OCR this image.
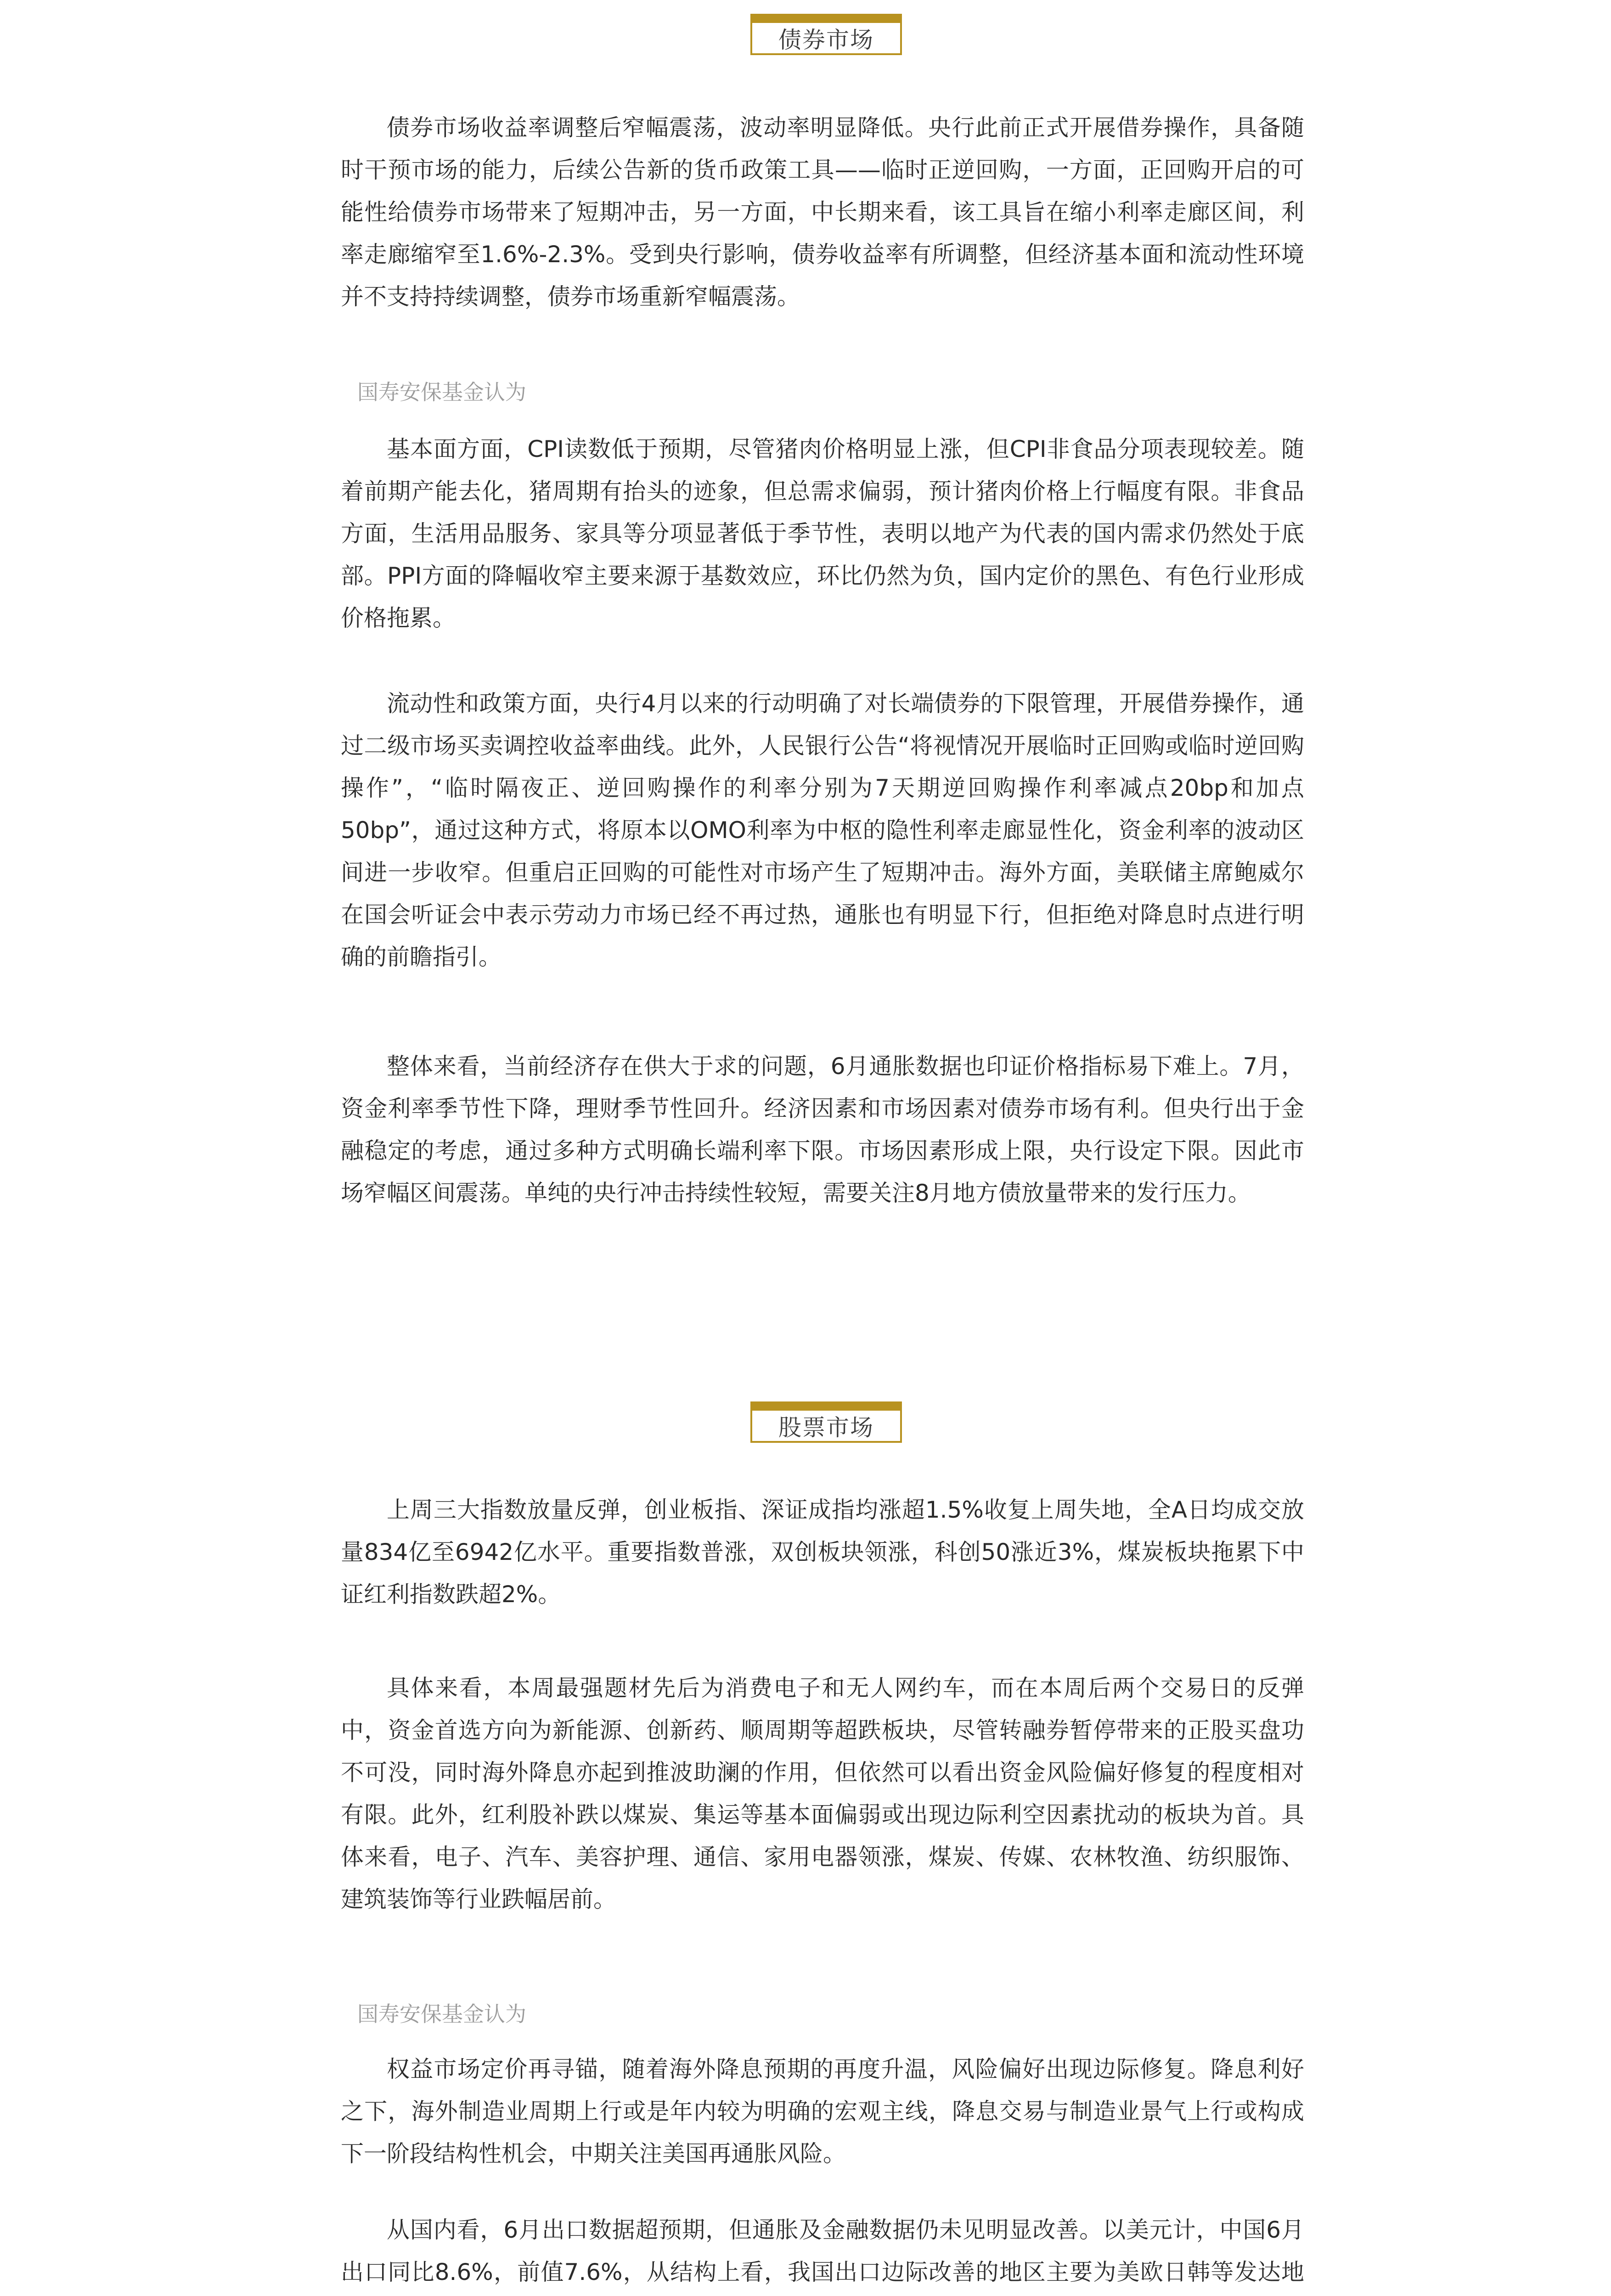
债券市场

债券市场收益率调整后窄幅震荡，波动率明显降低。央行此前正式开展借券操作，具备随时干预市场的能力，后续公告新的货币政策工具——临时正逆回购，一方面，正回购开启的可能性给债券市场带来了短期冲击，另一方面，中长期来看，该工具旨在缩小利率走廊区间，利率走廊缩窄至1.6%-2.3%。受到央行影响，债券收益率有所调整，但经济基本面和流动性环境并不支持持续调整，债券市场重新窄幅震荡。

国寿安保基金认为

基本面方面，CPI读数低于预期，尽管猪肉价格明显上涨，但CPI非食品分项表现较差。随着前期产能去化，猪周期有抬头的迹象，但总需求偏弱，预计猪肉价格上行幅度有限。非食品方面，生活用品服务、家具等分项显著低于季节性，表明以地产为代表的国内需求仍然处于底部。PPI方面的降幅收窄主要来源于基数效应，环比仍然为负，国内定价的黑色、有色行业形成价格拖累。

流动性和政策方面，央行4月以来的行动明确了对长端债券的下限管理，开展借券操作，通过二级市场买卖调控收益率曲线。此外，人民银行公告“将视情况开展临时正回购或临时逆回购操作”，“临时隔夜正、逆回购操作的利率分别为7天期逆回购操作利率减点20bp和加点50bp”，通过这种方式，将原本以OMO利率为中枢的隐性利率走廊显性化，资金利率的波动区间进一步收窄。但重启正回购的可能性对市场产生了短期冲击。海外方面，美联储主席鲍威尔在国会听证会中表示劳动力市场已经不再过热，通胀也有明显下行，但拒绝对降息时点进行明确的前瞻指引。

整体来看，当前经济存在供大于求的问题，6月通胀数据也印证价格指标易下难上。7月，资金利率季节性下降，理财季节性回升。经济因素和市场因素对债券市场有利。但央行出于金融稳定的考虑，通过多种方式明确长端利率下限。市场因素形成上限，央行设定下限。因此市场窄幅区间震荡。单纯的央行冲击持续性较短，需要关注8月地方债放量带来的发行压力。

股票市场

上周三大指数放量反弹，创业板指、深证成指均涨超1.5%收复上周失地，全A日均成交放量834亿至6942亿水平。重要指数普涨，双创板块领涨，科创50涨近3%，煤炭板块拖累下中证红利指数跌超2%。

具体来看，本周最强题材先后为消费电子和无人网约车，而在本周后两个交易日的反弹中，资金首选方向为新能源、创新药、顺周期等超跌板块，尽管转融券暂停带来的正股买盘功不可没，同时海外降息亦起到推波助澜的作用，但依然可以看出资金风险偏好修复的程度相对有限。此外，红利股补跌以煤炭、集运等基本面偏弱或出现边际利空因素扰动的板块为首。具体来看，电子、汽车、美容护理、通信、家用电器领涨，煤炭、传媒、农林牧渔、纺织服饰、建筑装饰等行业跌幅居前。

国寿安保基金认为

权益市场定价再寻锚，随着海外降息预期的再度升温，风险偏好出现边际修复。降息利好之下，海外制造业周期上行或是年内较为明确的宏观主线，降息交易与制造业景气上行或构成下一阶段结构性机会，中期关注美国再通胀风险。

从国内看，6月出口数据超预期，但通胀及金融数据仍未见明显改善。以美元计，中国6月出口同比8.6%，前值7.6%，从结构上看，我国出口边际改善的地区主要为美欧日韩等发达地
